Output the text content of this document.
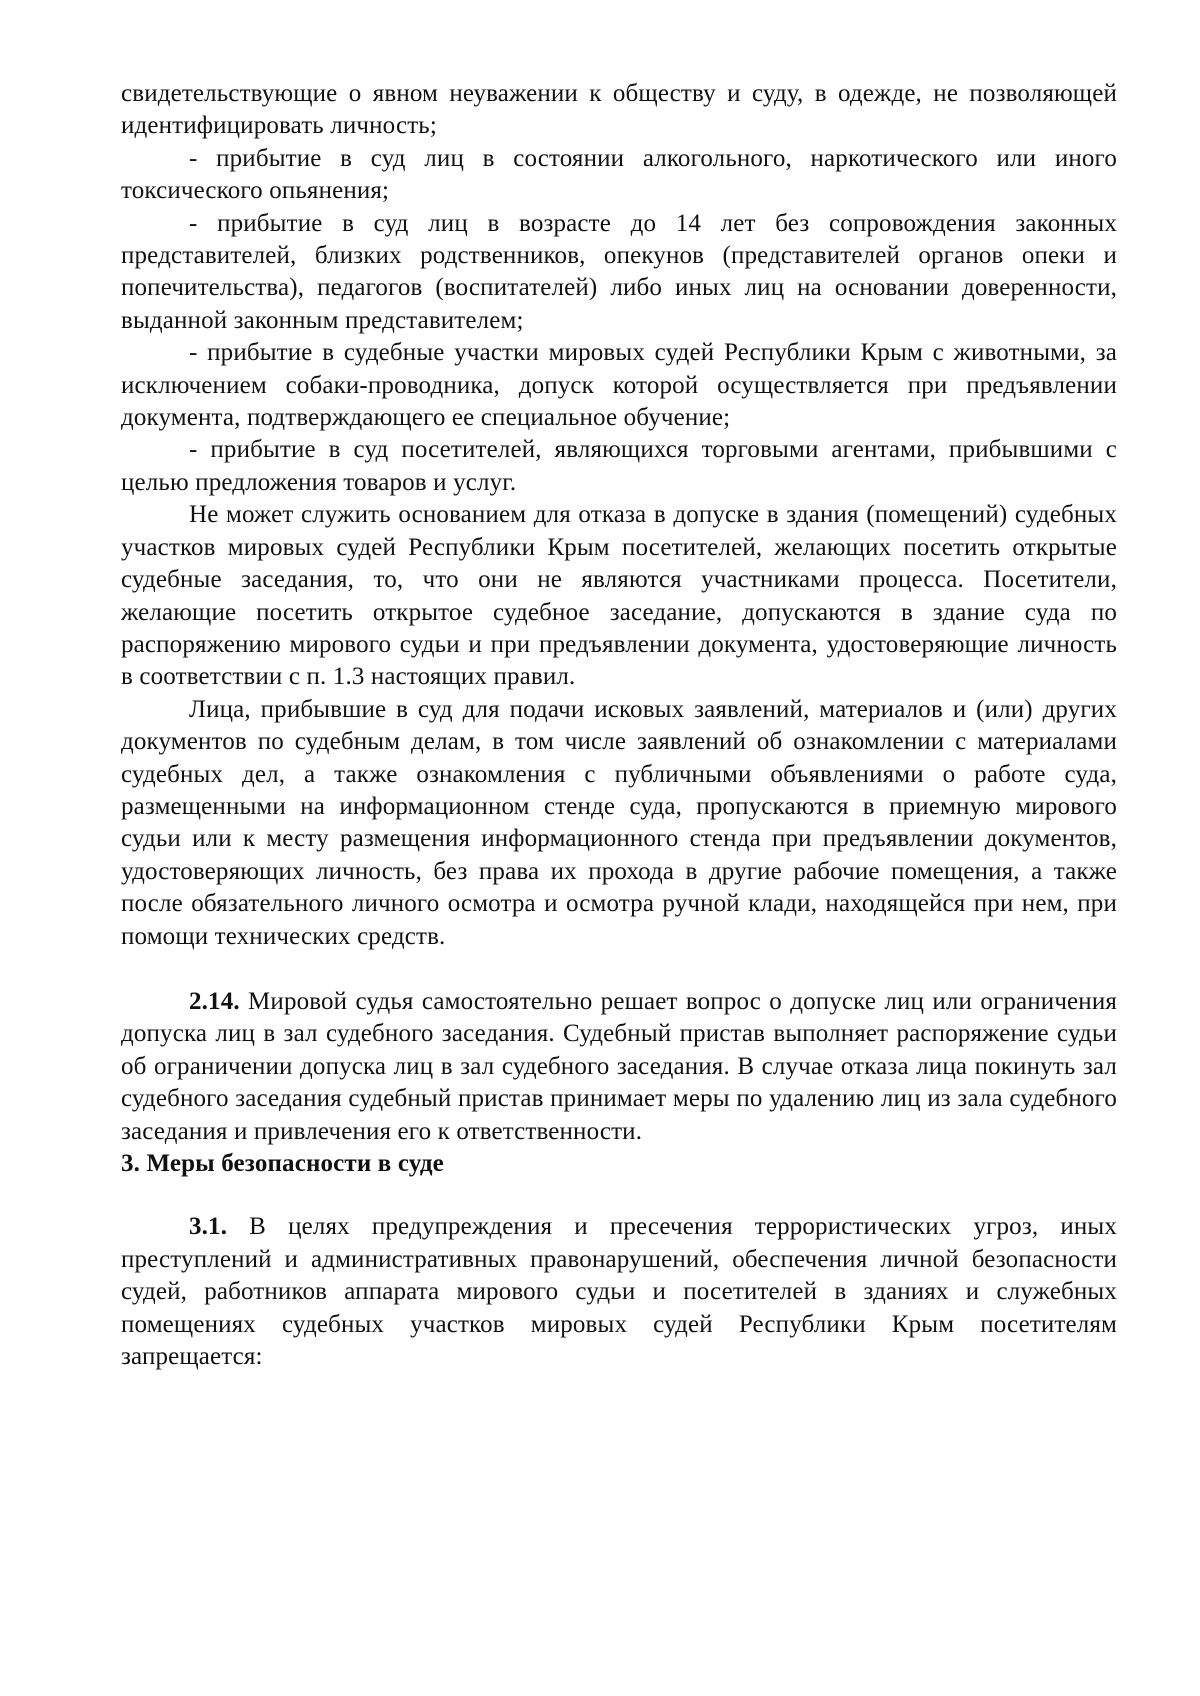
свидетельствующие о явном неуважении к обществу и суду, в одежде, не позволяющей идентифицировать личность;

- прибытие в суд лиц в состоянии алкогольного, наркотического или иного токсического опьянения;

- прибытие в суд лиц в возрасте до 14 лет без сопровождения законных представителей, близких родственников, опекунов (представителей органов опеки и попечительства), педагогов (воспитателей) либо иных лиц на основании доверенности, выданной законным представителем;

- прибытие в судебные участки мировых судей Республики Крым с животными, за исключением собаки-проводника, допуск которой осуществляется при предъявлении документа, подтверждающего ее специальное обучение;

- прибытие в суд посетителей, являющихся торговыми агентами, прибывшими с целью предложения товаров и услуг.

Не может служить основанием для отказа в допуске в здания (помещений) судебных участков мировых судей Республики Крым посетителей, желающих посетить открытые судебные заседания, то, что они не являются участниками процесса. Посетители, желающие посетить открытое судебное заседание, допускаются в здание суда по распоряжению мирового судьи и при предъявлении документа, удостоверяющие личность в соответствии с п. 1.3 настоящих правил.

Лица, прибывшие в суд для подачи исковых заявлений, материалов и (или) других документов по судебным делам, в том числе заявлений об ознакомлении с материалами судебных дел, а также ознакомления с публичными объявлениями о работе суда, размещенными на информационном стенде суда, пропускаются в приемную мирового судьи или к месту размещения информационного стенда при предъявлении документов, удостоверяющих личность, без права их прохода в другие рабочие помещения, а также после обязательного личного осмотра и осмотра ручной клади, находящейся при нем, при помощи технических средств.

2.14. Мировой судья самостоятельно решает вопрос о допуске лиц или ограничения допуска лиц в зал судебного заседания. Судебный пристав выполняет распоряжение судьи об ограничении допуска лиц в зал судебного заседания. В случае отказа лица покинуть зал судебного заседания судебный пристав принимает меры по удалению лиц из зала судебного заседания и привлечения его к ответственности.

3. Меры безопасности в суде

3.1. В целях предупреждения и пресечения террористических угроз, иных преступлений и административных правонарушений, обеспечения личной безопасности судей, работников аппарата мирового судьи и посетителей в зданиях и служебных помещениях судебных участков мировых судей Республики Крым посетителям запрещается:
